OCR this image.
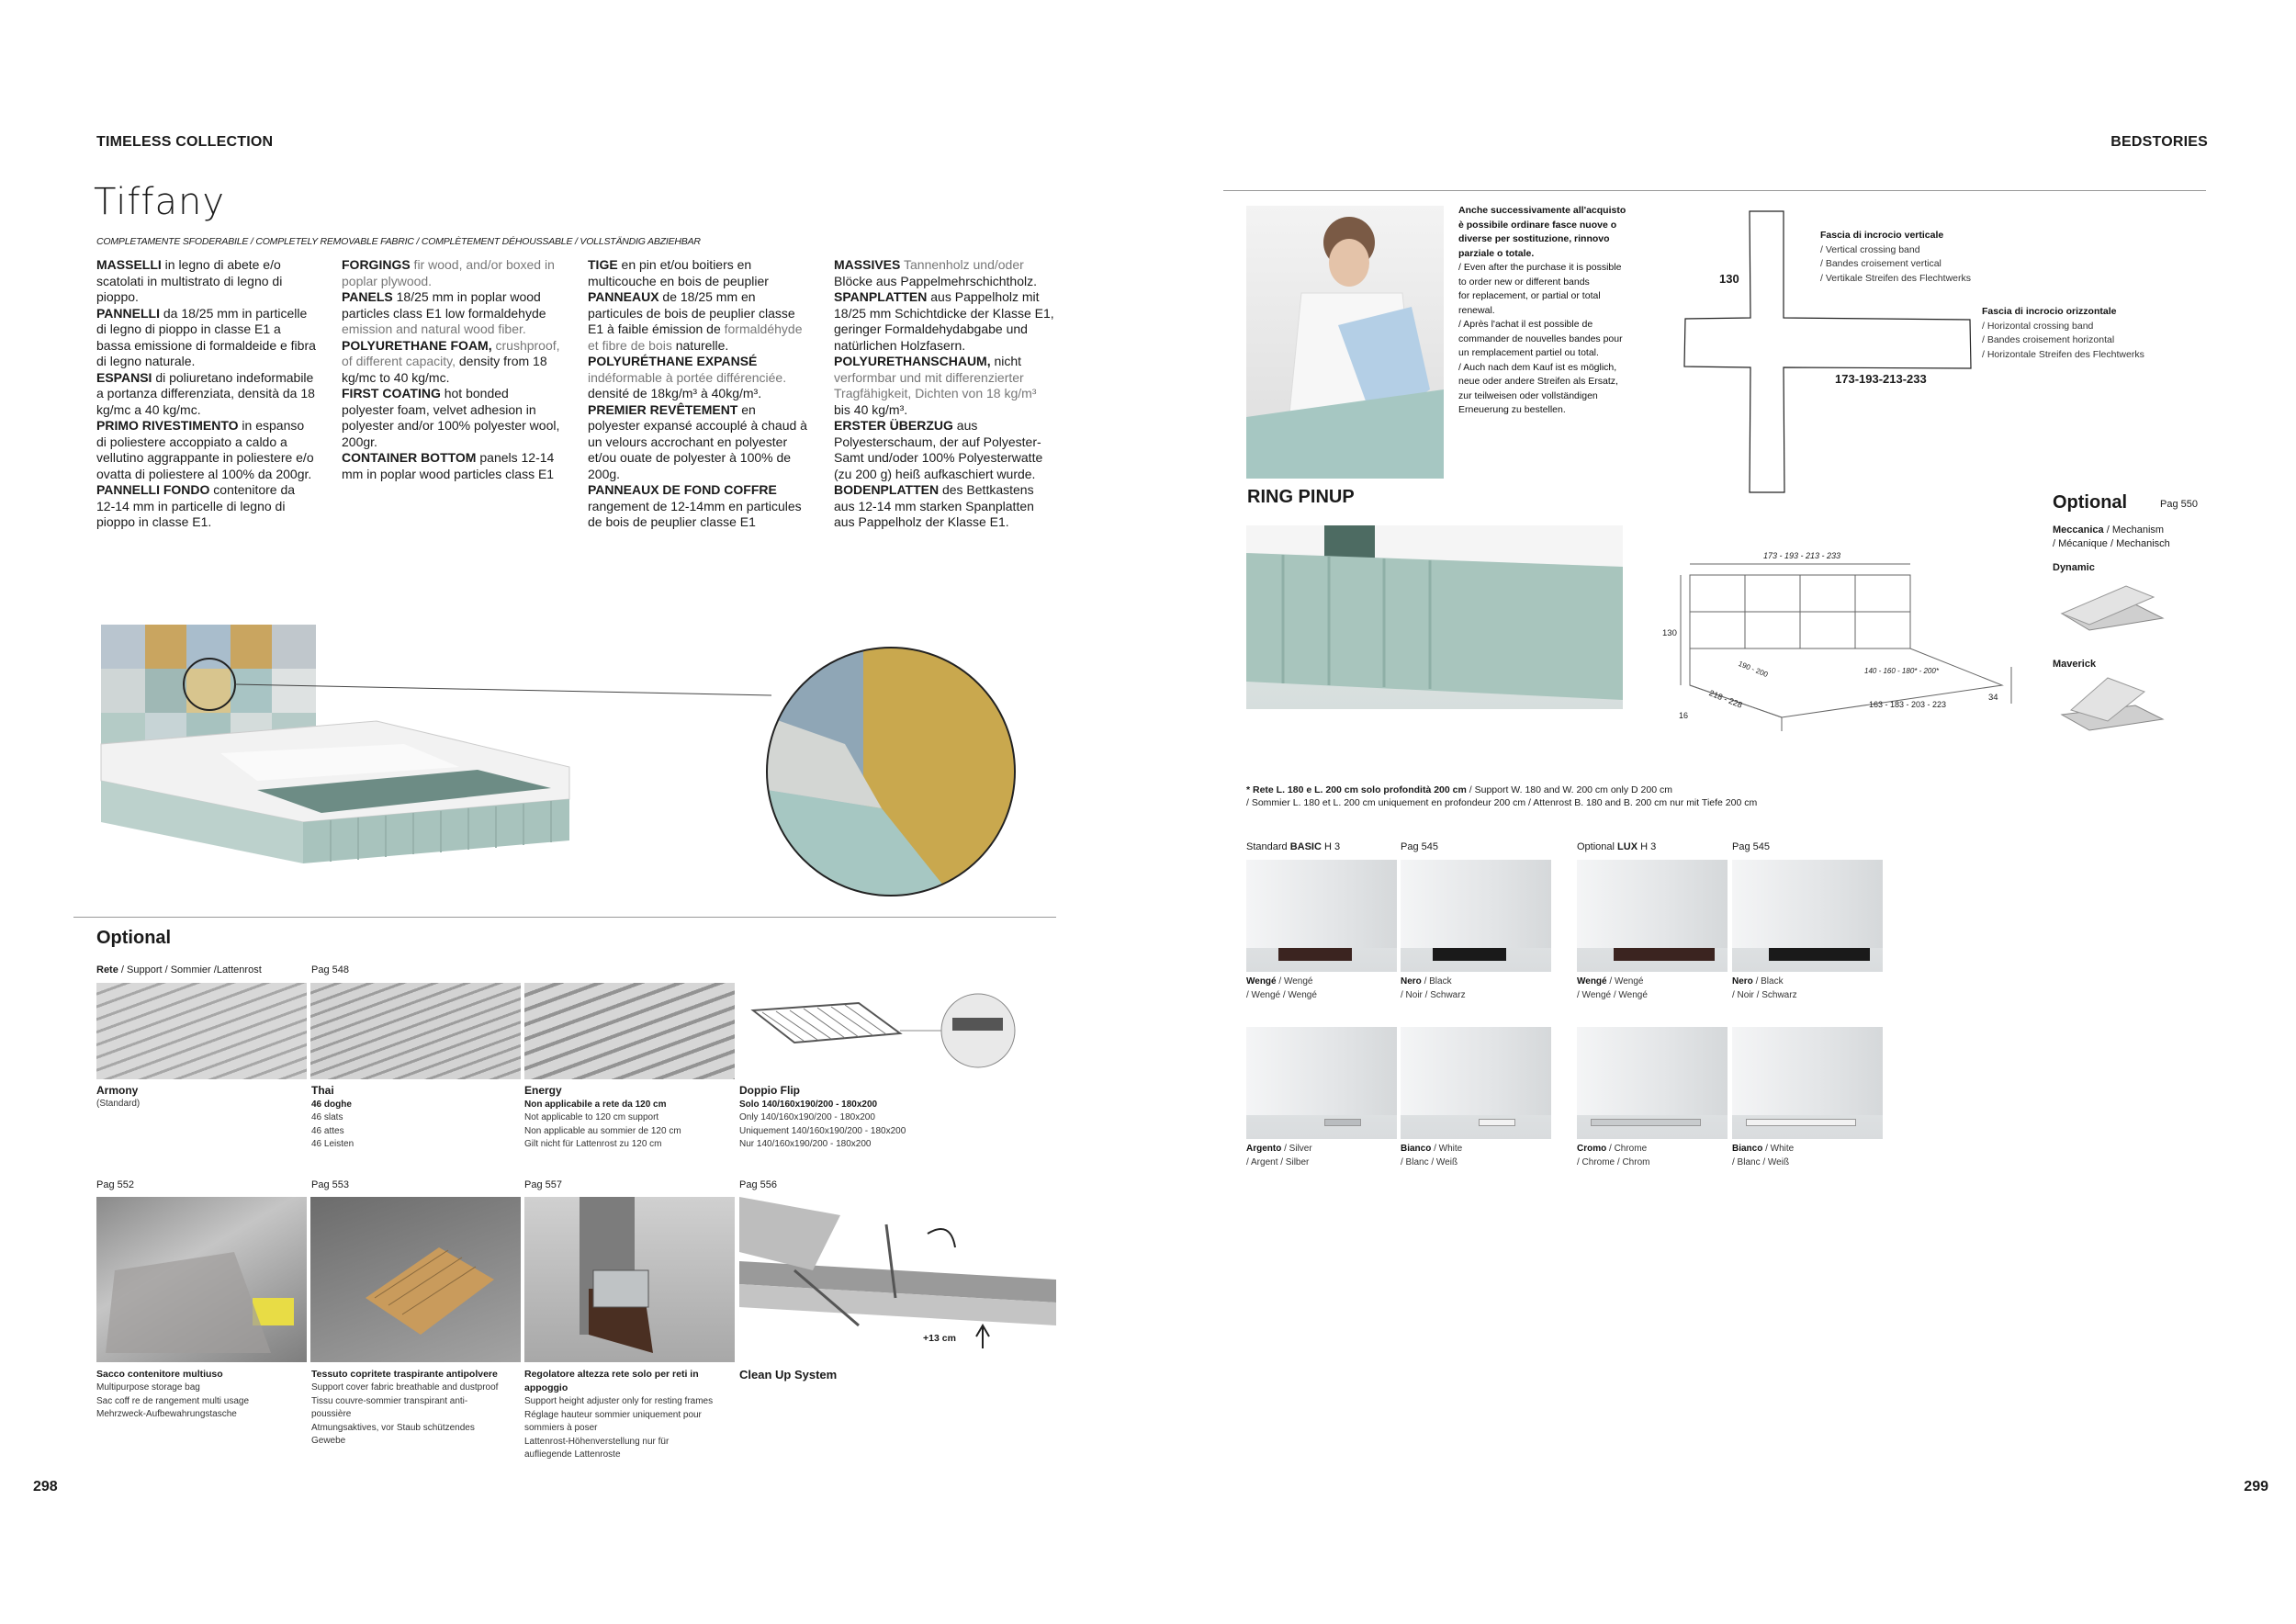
TIMELESS COLLECTION	BEDSTORIES
Tiffany
COMPLETAMENTE SFODERABILE / COMPLETELY REMOVABLE FABRIC / COMPLÈTEMENT DÉHOUSSABLE / VOLLSTÄNDIG ABZIEHBAR
MASSELLI in legno di abete e/o scatolati in multistrato di legno di pioppo.
PANNELLI da 18/25 mm in particelle di legno di pioppo in classe E1 a bassa emissione di formaldeide e fibra di legno naturale.
ESPANSI di poliuretano indeformabile a portanza differenziata, densità da 18 kg/mc a 40 kg/mc.
PRIMO RIVESTIMENTO in espanso di poliestere accoppiato a caldo a vellutino aggrappante in poliestere e/o ovatta di poliestere al 100% da 200gr.
PANNELLI FONDO contenitore da 12-14 mm in particelle di legno di pioppo in classe E1.
FORGINGS fir wood, and/or boxed in poplar plywood.
PANELS 18/25 mm in poplar wood particles class E1 low formaldehyde emission and natural wood fiber.
POLYURETHANE FOAM, crushproof, of different capacity, density from 18 kg/mc to 40 kg/mc.
FIRST COATING hot bonded polyester foam, velvet adhesion in polyester and/or 100% polyester wool, 200gr.
CONTAINER BOTTOM panels 12-14 mm in poplar wood particles class E1
TIGE en pin et/ou boitiers en multicouche en bois de peuplier
PANNEAUX de 18/25 mm en particules de bois de peuplier classe E1 à faible émission de formaldéhyde et fibre de bois naturelle.
POLYURÉTHANE EXPANSÉ indéformable à portée différenciée. densité de 18kg/m³ à 40kg/m³.
PREMIER REVÊTEMENT en polyester expansé accouplé à chaud à un velours accrochant en polyester et/ou ouate de polyester à 100% de 200g.
PANNEAUX DE FOND COFFRE rangement de 12-14mm en particules de bois de peuplier classe E1
MASSIVES Tannenholz und/oder Blöcke aus Pappelmehrschichtholz.
SPANPLATTEN aus Pappelholz mit 18/25 mm Schichtdicke der Klasse E1, geringer Formaldehydabgabe und natürlichen Holzfasern.
POLYURETHANSCHAUM, nicht verformbar und mit differenzierter Tragfähigkeit, Dichten von 18 kg/m³ bis 40 kg/m³.
ERSTER ÜBERZUG aus Polyesterschaum, der auf Polyester-Samt und/oder 100% Polyesterwatte (zu 200 g) heiß aufkaschiert wurde.
BODENPLATTEN des Bettkastens aus 12-14 mm starken Spanplatten aus Pappelholz der Klasse E1.
Optional
Rete / Support / Sommier /Lattenrost	Pag 548
Armony
(Standard)
Thai
46 doghe
46 slats
46 attes
46 Leisten
Energy
Non applicabile a rete da 120 cm
Not applicable to 120 cm support
Non applicable au sommier de 120 cm
Gilt nicht für Lattenrost zu 120 cm
Doppio Flip
Solo 140/160x190/200 - 180x200
Only 140/160x190/200 - 180x200
Uniquement 140/160x190/200 - 180x200
Nur 140/160x190/200 - 180x200
Pag 552	Pag 553	Pag 557	Pag 556
+13 cm
Sacco contenitore multiuso
Multipurpose storage bag
Sac coff re de rangement multi usage
Mehrzweck-Aufbewahrungstasche
Tessuto copritete traspirante antipolvere
Support cover fabric breathable and dustproof
Tissu couvre-sommier transpirant anti-
poussière
Atmungsaktives, vor Staub schützendes
Gewebe
Regolatore altezza rete solo per reti in
appoggio
Support height adjuster only for resting frames
Réglage hauteur sommier uniquement pour
sommiers à poser
Lattenrost-Höhenverstellung nur für
aufliegende Lattenroste
Clean Up System
Anche successivamente all'acquisto
è possibile ordinare fasce nuove o
diverse per sostituzione, rinnovo
parziale o totale.
/ Even after the purchase it is possible
to order new or different bands
for replacement, or partial or total
renewal.
/ Après l'achat il est possible de
commander de nouvelles bandes pour
un remplacement partiel ou total.
/ Auch nach dem Kauf ist es möglich,
neue oder andere Streifen als Ersatz,
zur teilweisen oder vollständigen
Erneuerung zu bestellen.
130
173-193-213-233
Fascia di incrocio verticale
/ Vertical crossing band
/ Bandes croisement vertical
/ Vertikale Streifen des Flechtwerks
Fascia di incrocio orizzontale
/ Horizontal crossing band
/ Bandes croisement horizontal
/ Horizontale Streifen des Flechtwerks
RING PINUP
173 - 193 - 213 - 233
130
16
218 - 228
190 - 200	140 - 160 - 180* - 200*
163 - 183 - 203 - 223
34
Optional	Pag 550
Meccanica / Mechanism
/ Mécanique / Mechanisch
Dynamic
Maverick
* Rete L. 180 e L. 200 cm solo profondità 200 cm / Support W. 180 and W. 200 cm only D 200 cm
/ Sommier L. 180 et L. 200 cm uniquement en profondeur 200 cm / Attenrost B. 180 and B. 200 cm nur mit Tiefe 200 cm
Standard BASIC H 3	Pag 545	Optional LUX H 3	Pag 545
Wengé / Wengé
/ Wengé / Wengé
Nero / Black
/ Noir / Schwarz
Wengé / Wengé
/ Wengé / Wengé
Nero / Black
/ Noir / Schwarz
Argento / Silver
/ Argent / Silber
Bianco / White
/ Blanc / Weiß
Cromo / Chrome
/ Chrome / Chrom
Bianco / White
/ Blanc / Weiß
298	299
